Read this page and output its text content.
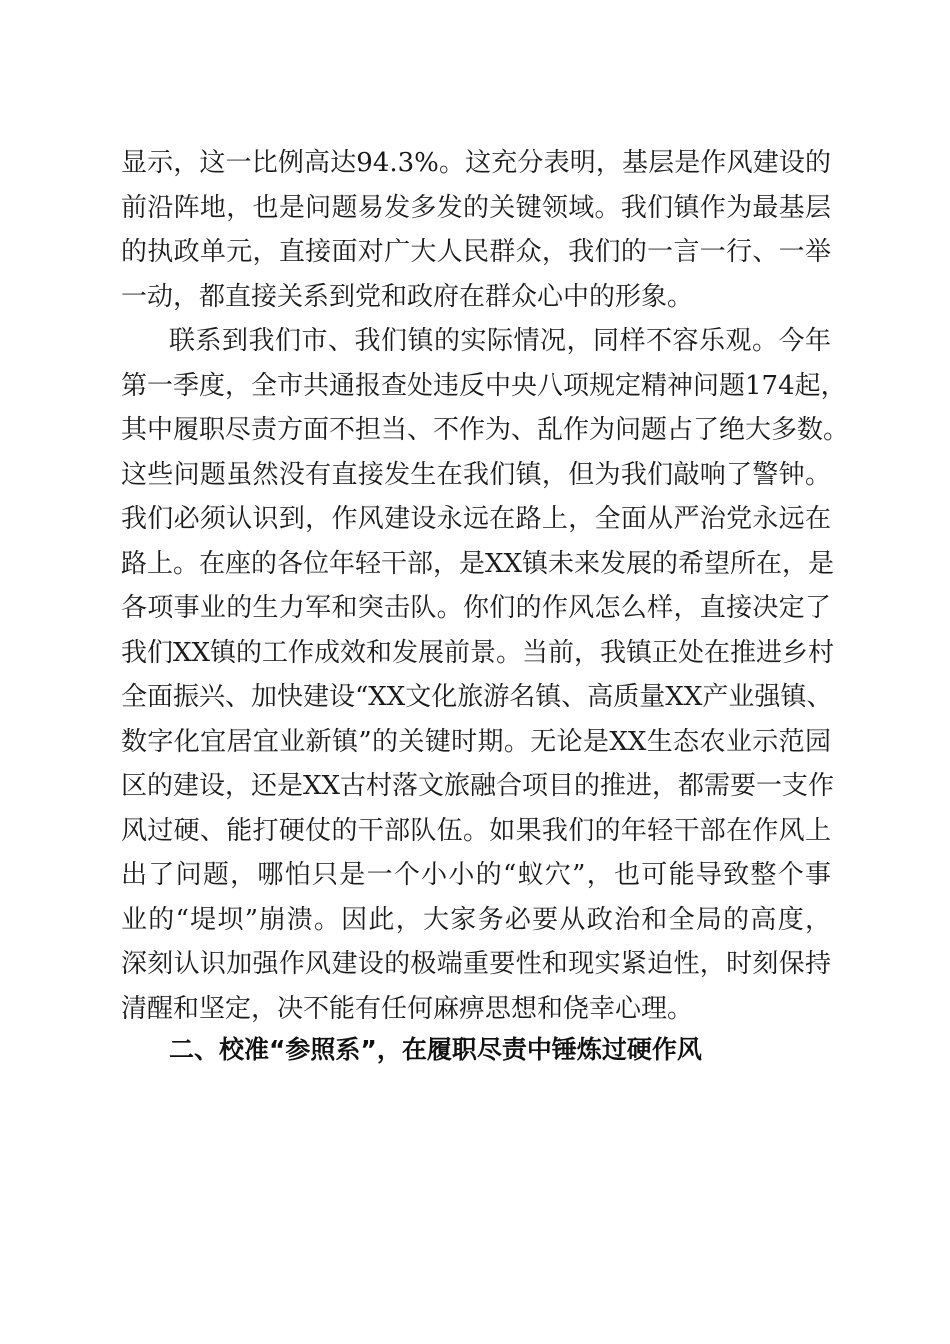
显示，这一比例高达94.3%。这充分表明，基层是作风建设的
前沿阵地，也是问题易发多发的关键领域。我们镇作为最基层
的执政单元，直接面对广大人民群众，我们的一言一行、一举
一动，都直接关系到党和政府在群众心中的形象。
联系到我们市、我们镇的实际情况，同样不容乐观。今年
第一季度，全市共通报查处违反中央八项规定精神问题174起，
其中履职尽责方面不担当、不作为、乱作为问题占了绝大多数。
这些问题虽然没有直接发生在我们镇，但为我们敲响了警钟。
我们必须认识到，作风建设永远在路上，全面从严治党永远在
路上。在座的各位年轻干部，是XX镇未来发展的希望所在，是
各项事业的生力军和突击队。你们的作风怎么样，直接决定了
我们XX镇的工作成效和发展前景。当前，我镇正处在推进乡村
全面振兴、加快建设“XX文化旅游名镇、高质量XX产业强镇、
数字化宜居宜业新镇”的关键时期。无论是XX生态农业示范园
区的建设，还是XX古村落文旅融合项目的推进，都需要一支作
风过硬、能打硬仗的干部队伍。如果我们的年轻干部在作风上
出了问题，哪怕只是一个小小的“蚁穴”，也可能导致整个事
业的“堤坝”崩溃。因此，大家务必要从政治和全局的高度，
深刻认识加强作风建设的极端重要性和现实紧迫性，时刻保持
清醒和坚定，决不能有任何麻痹思想和侥幸心理。
二、校准“参照系”，在履职尽责中锤炼过硬作风
